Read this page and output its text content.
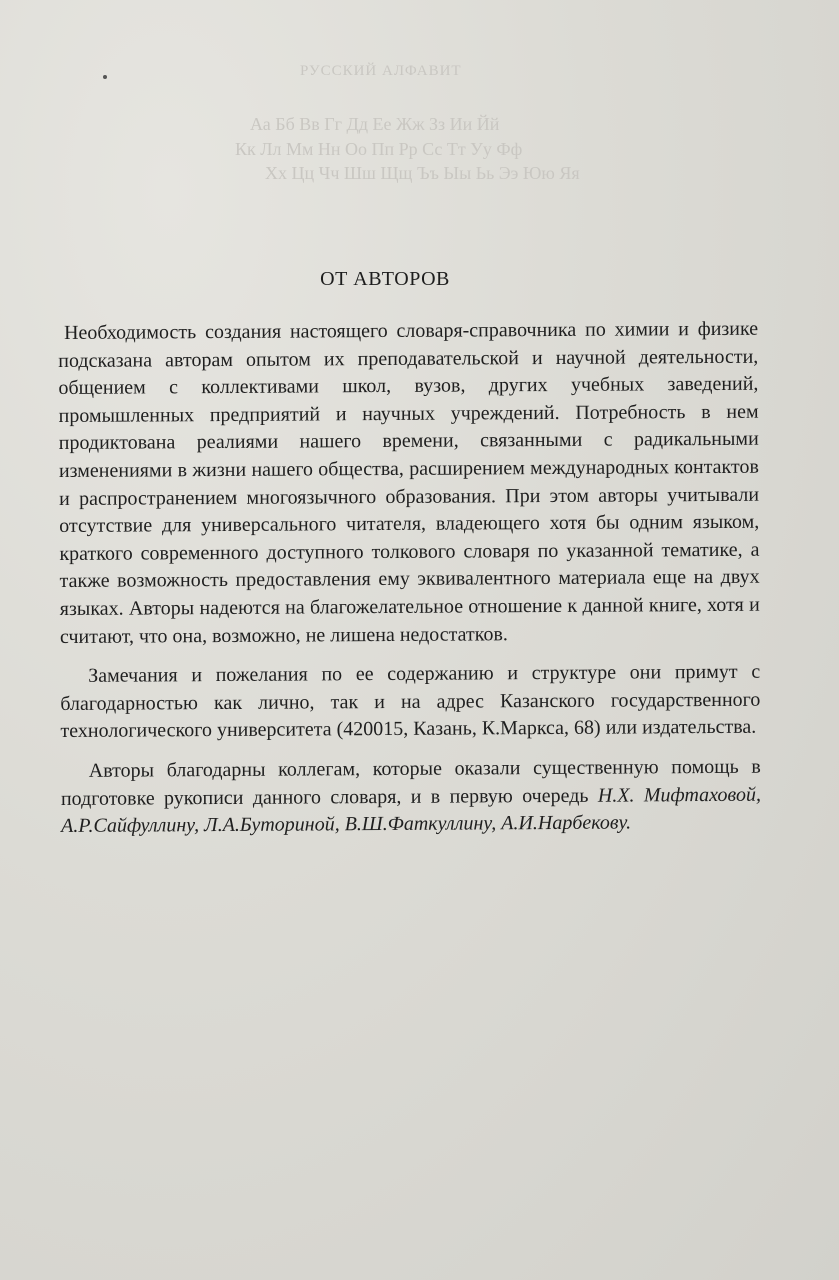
РУССКИЙ АЛФАВИТ
Аа Бб Вв Гг Дд Ее Жж Зз Ии Йй
Кк Лл Мм Нн Оо Пп Рр Сс Тт Уу Фф
Хх Цц Чч Шш Щщ Ъъ Ыы Ьь Ээ Юю Яя
ОТ АВТОРОВ

Необходимость создания настоящего словаря-справочника по химии и физике подсказана авторам опытом их преподавательской и научной деятельности, общением с коллективами школ, вузов, других учебных заведений, промышленных предприятий и научных учреждений. Потребность в нем продиктована реалиями нашего времени, связанными с радикальными изменениями в жизни нашего общества, расширением международных контактов и распространением многоязычного образования. При этом авторы учитывали отсутствие для универсального читателя, владеющего хотя бы одним языком, краткого современного доступного толкового словаря по указанной тематике, а также возможность предоставления ему эквивалентного материала еще на двух языках. Авторы надеются на благожелательное отношение к данной книге, хотя и считают, что она, возможно, не лишена недостатков.

Замечания и пожелания по ее содержанию и структуре они примут с благодарностью как лично, так и на адрес Казанского государственного технологического университета (420015, Казань, К.Маркса, 68) или издательства.

Авторы благодарны коллегам, которые оказали существенную помощь в подготовке рукописи данного словаря, и в первую очередь Н.Х. Мифтаховой, А.Р.Сайфуллину, Л.А.Буториной, В.Ш.Фаткуллину, А.И.Нарбекову.
